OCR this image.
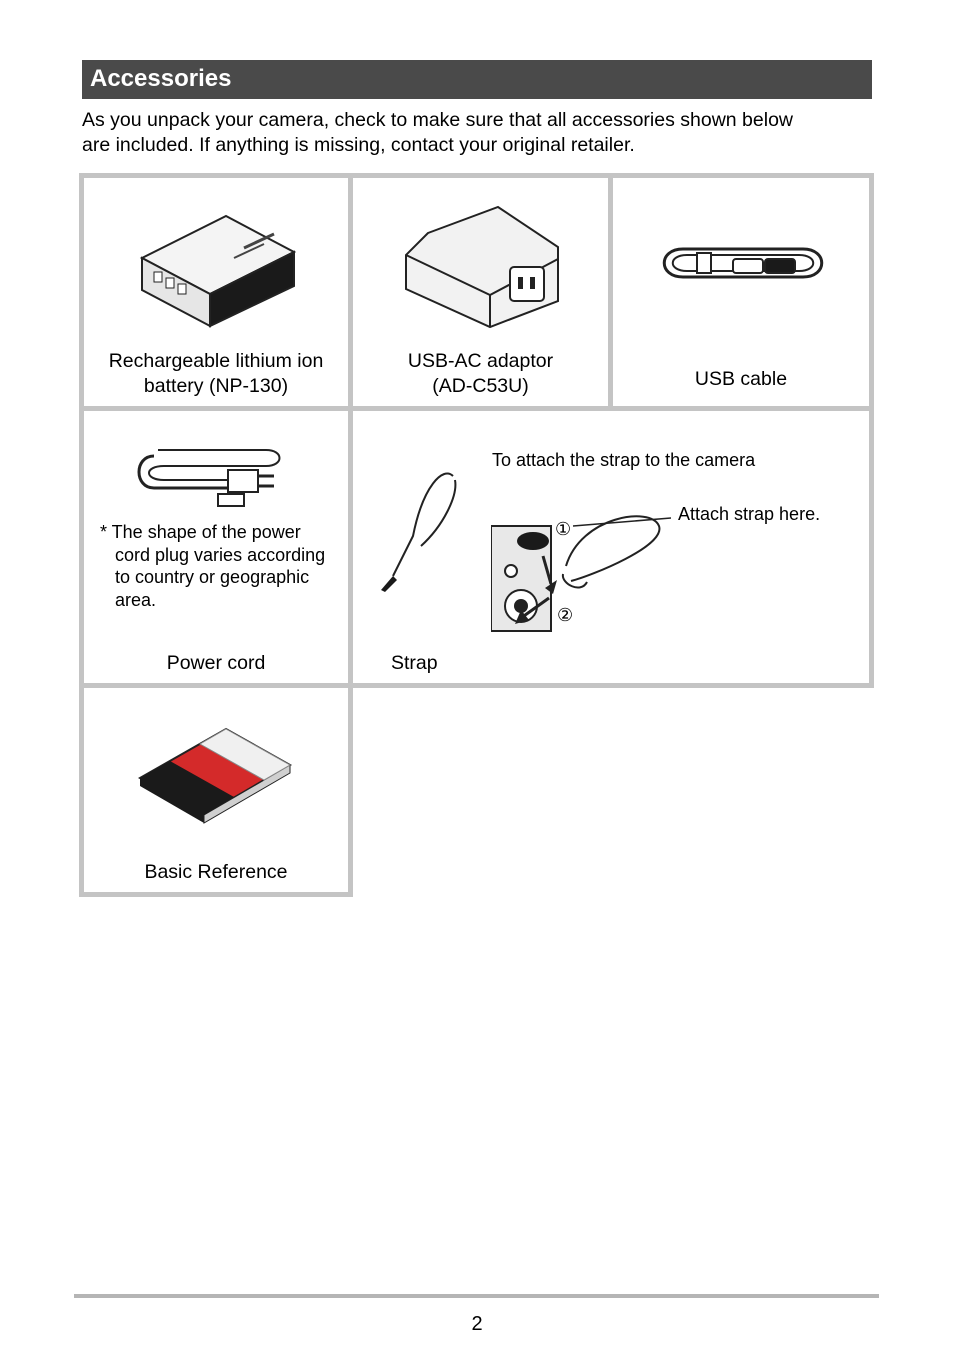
Accessories
As you unpack your camera, check to make sure that all accessories shown below
are included. If anything is missing, contact your original retailer.
Rechargeable lithium ion
battery (NP-130)
USB-AC adaptor
(AD-C53U)	USB cable
* The shape of the power cord plug varies according to country or geographic area.
Power cord
To attach the strap to the camera
Attach strap here.
①
②
Strap
Basic Reference
2
